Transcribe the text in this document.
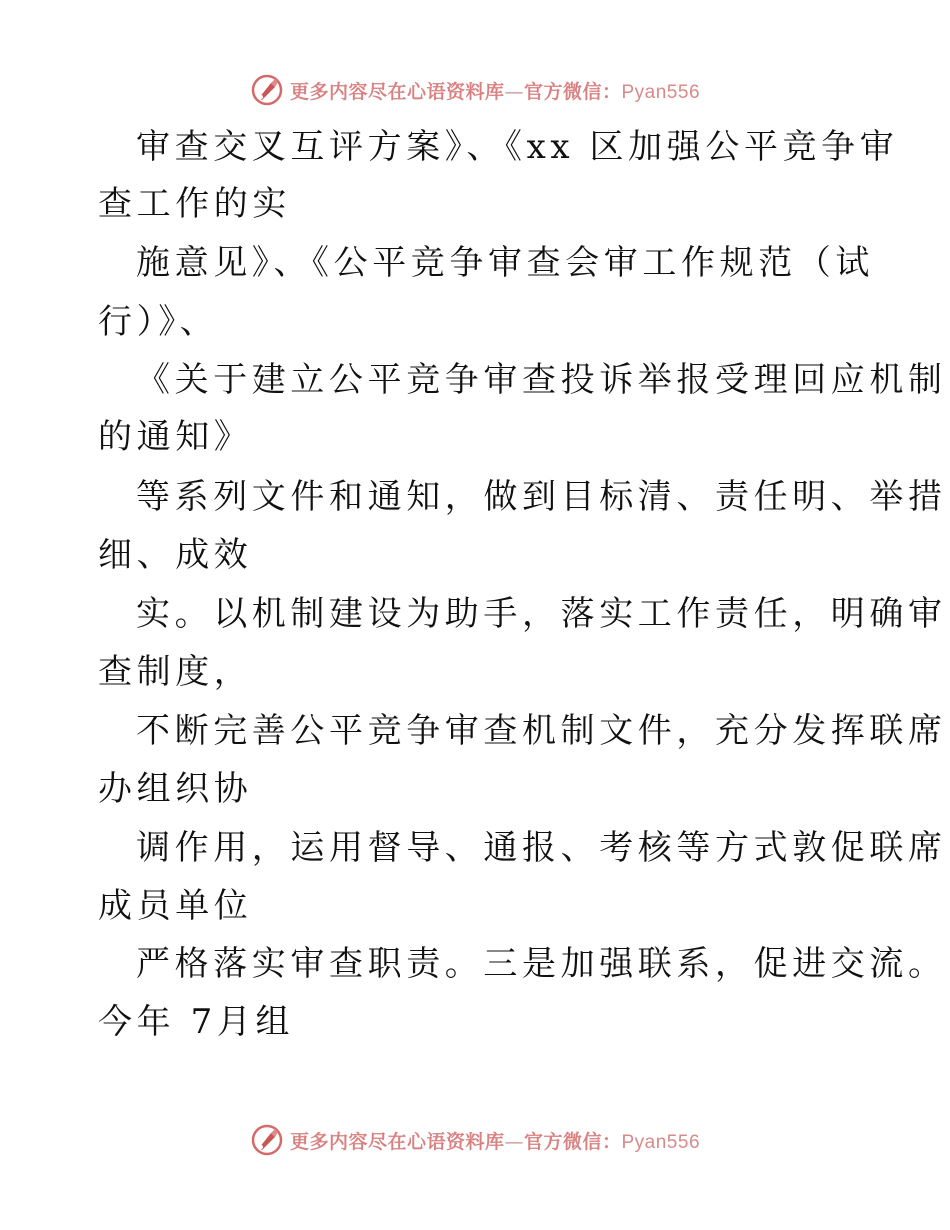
更多内容尽在心语资料库—官方微信：Pyan556
审查交叉互评方案》、《xx 区加强公平竞争审
查工作的实
施意见》、《公平竞争审查会审工作规范（试
行）》、
《关于建立公平竞争审查投诉举报受理回应机制
的通知》
等系列文件和通知，做到目标清、责任明、举措
细、成效
实。以机制建设为助手，落实工作责任，明确审
查制度，
不断完善公平竞争审查机制文件，充分发挥联席
办组织协
调作用，运用督导、通报、考核等方式敦促联席
成员单位
严格落实审查职责。三是加强联系，促进交流。
今年 7月组
更多内容尽在心语资料库—官方微信：Pyan556
